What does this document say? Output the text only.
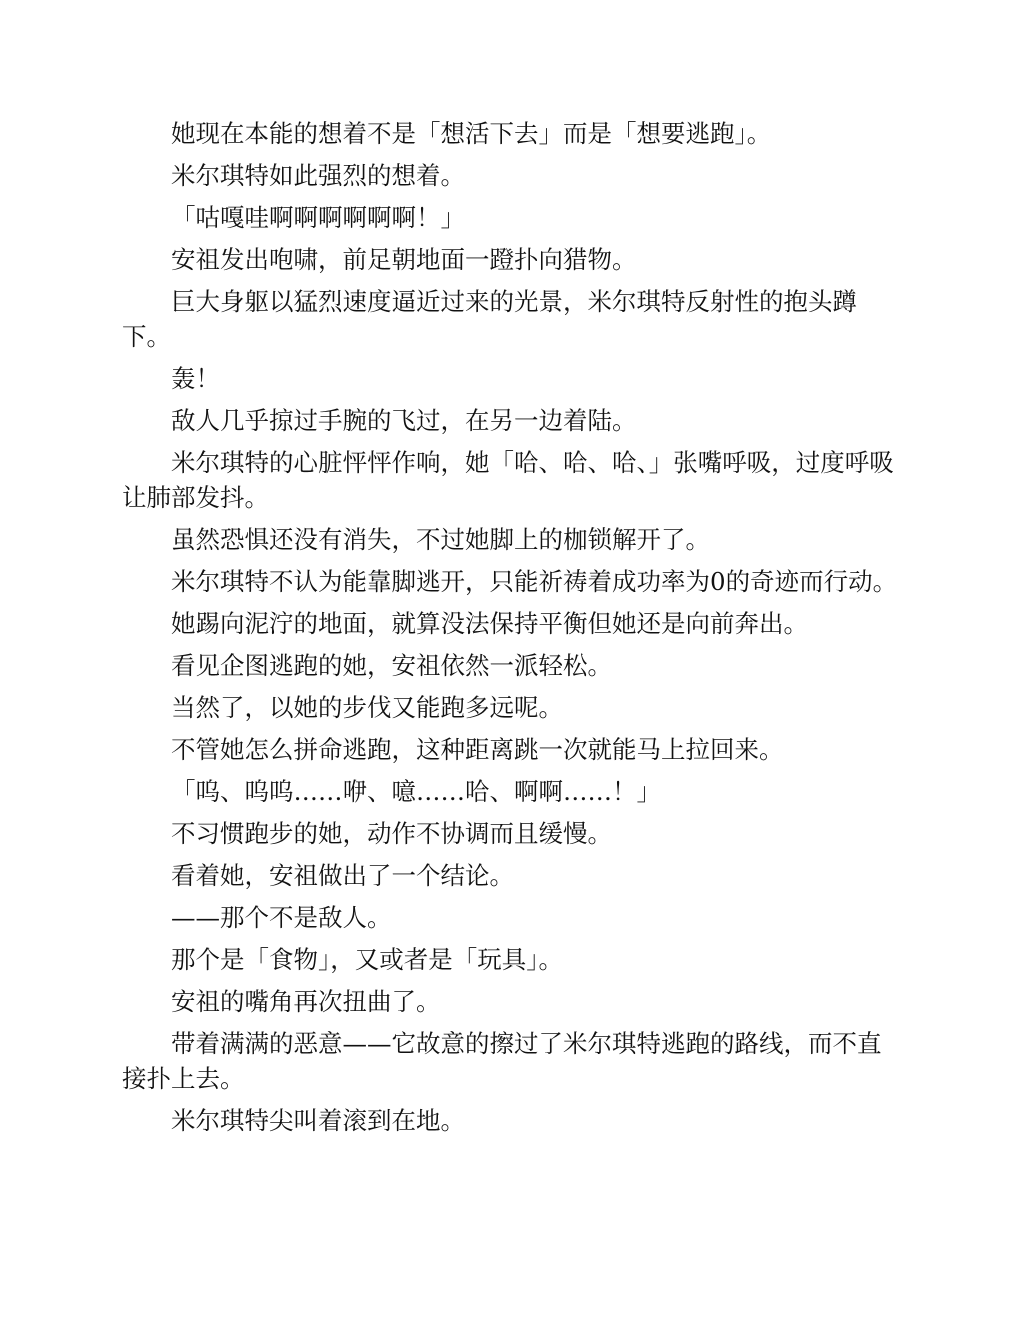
她现在本能的想着不是「想活下去」而是「想要逃跑」。

米尔琪特如此强烈的想着。

「咕嘎哇啊啊啊啊啊啊！」

安祖发出咆啸，前足朝地面一蹬扑向猎物。

巨大身躯以猛烈速度逼近过来的光景，米尔琪特反射性的抱头蹲下。

轰！

敌人几乎掠过手腕的飞过，在另一边着陆。

米尔琪特的心脏怦怦作响，她「哈、哈、哈、」张嘴呼吸，过度呼吸让肺部发抖。

虽然恐惧还没有消失，不过她脚上的枷锁解开了。

米尔琪特不认为能靠脚逃开，只能祈祷着成功率为0的奇迹而行动。

她踢向泥泞的地面，就算没法保持平衡但她还是向前奔出。

看见企图逃跑的她，安祖依然一派轻松。

当然了，以她的步伐又能跑多远呢。

不管她怎么拼命逃跑，这种距离跳一次就能马上拉回来。

「呜、呜呜……咿、噫……哈、啊啊……！」

不习惯跑步的她，动作不协调而且缓慢。

看着她，安祖做出了一个结论。

——那个不是敌人。

那个是「食物」，又或者是「玩具」。

安祖的嘴角再次扭曲了。

带着满满的恶意——它故意的擦过了米尔琪特逃跑的路线，而不直接扑上去。

米尔琪特尖叫着滚到在地。
